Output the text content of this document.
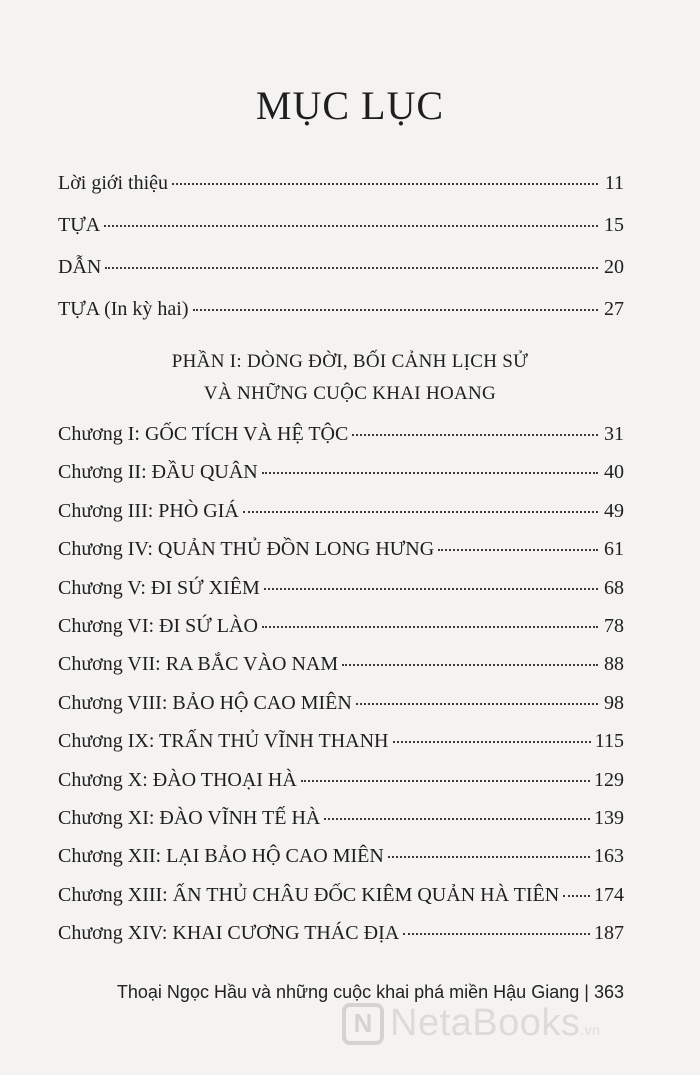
MỤC LỤC
Lời giới thiệu	11
TỰA	15
DẪN	20
TỰA (In kỳ hai)	27
PHẦN I: DÒNG ĐỜI, BỐI CẢNH LỊCH SỬ
VÀ NHỮNG CUỘC KHAI HOANG
Chương I: GỐC TÍCH VÀ HỆ TỘC	31
Chương II: ĐẦU QUÂN	40
Chương III: PHÒ GIÁ	49
Chương IV: QUẢN THỦ ĐỒN LONG HƯNG	61
Chương V: ĐI SỨ XIÊM	68
Chương VI: ĐI SỨ LÀO	78
Chương VII: RA BẮC VÀO NAM	88
Chương VIII: BẢO HỘ CAO MIÊN	98
Chương IX: TRẤN THỦ VĨNH THANH	115
Chương X: ĐÀO THOẠI HÀ	129
Chương XI: ĐÀO VĨNH TẾ HÀ	139
Chương XII: LẠI BẢO HỘ CAO MIÊN	163
Chương XIII: ẤN THỦ CHÂU ĐỐC KIÊM QUẢN HÀ TIÊN 174
Chương XIV: KHAI CƯƠNG THÁC ĐỊA	187
Thoại Ngọc Hầu và những cuộc khai phá miền Hậu Giang | 363
N NetaBooks.vn
